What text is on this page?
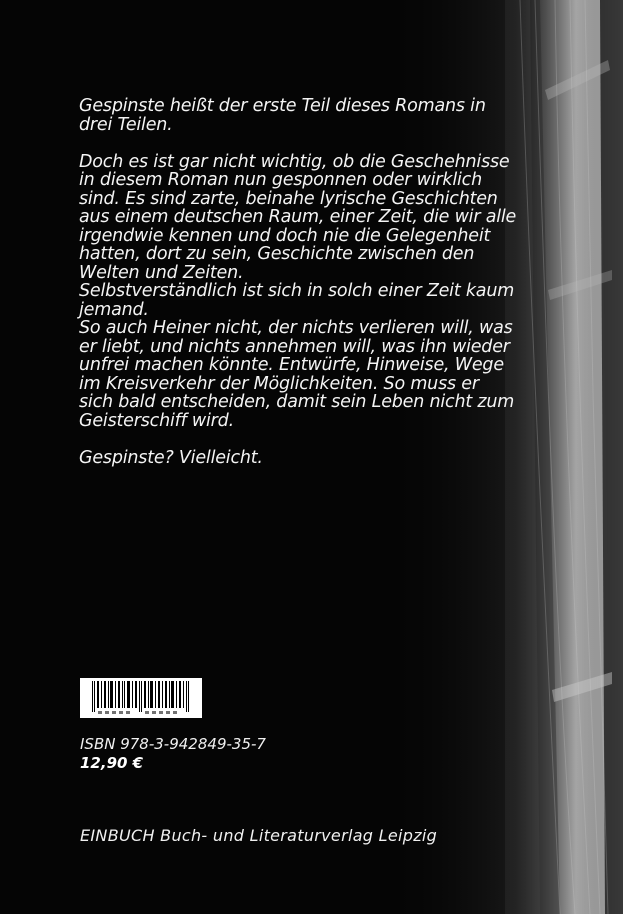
Gespinste heißt der erste Teil dieses Romans in
drei Teilen.

Doch es ist gar nicht wichtig, ob die Geschehnisse
in diesem Roman nun gesponnen oder wirklich
sind. Es sind zarte, beinahe lyrische Geschichten
aus einem deutschen Raum, einer Zeit, die wir alle
irgendwie kennen und doch nie die Gelegenheit
hatten, dort zu sein, Geschichte zwischen den
Welten und Zeiten.

Selbstverständlich ist sich in solch einer Zeit kaum
jemand.

So auch Heiner nicht, der nichts verlieren will, was
er liebt, und nichts annehmen will, was ihn wieder
unfrei machen könnte. Entwürfe, Hinweise, Wege
im Kreisverkehr der Möglichkeiten. So muss er
sich bald entscheiden, damit sein Leben nicht zum
Geisterschiff wird.

Gespinste? Vielleicht.

ISBN 978-3-942849-35-7
12,90 €
EINBUCH Buch- und Literaturverlag Leipzig
